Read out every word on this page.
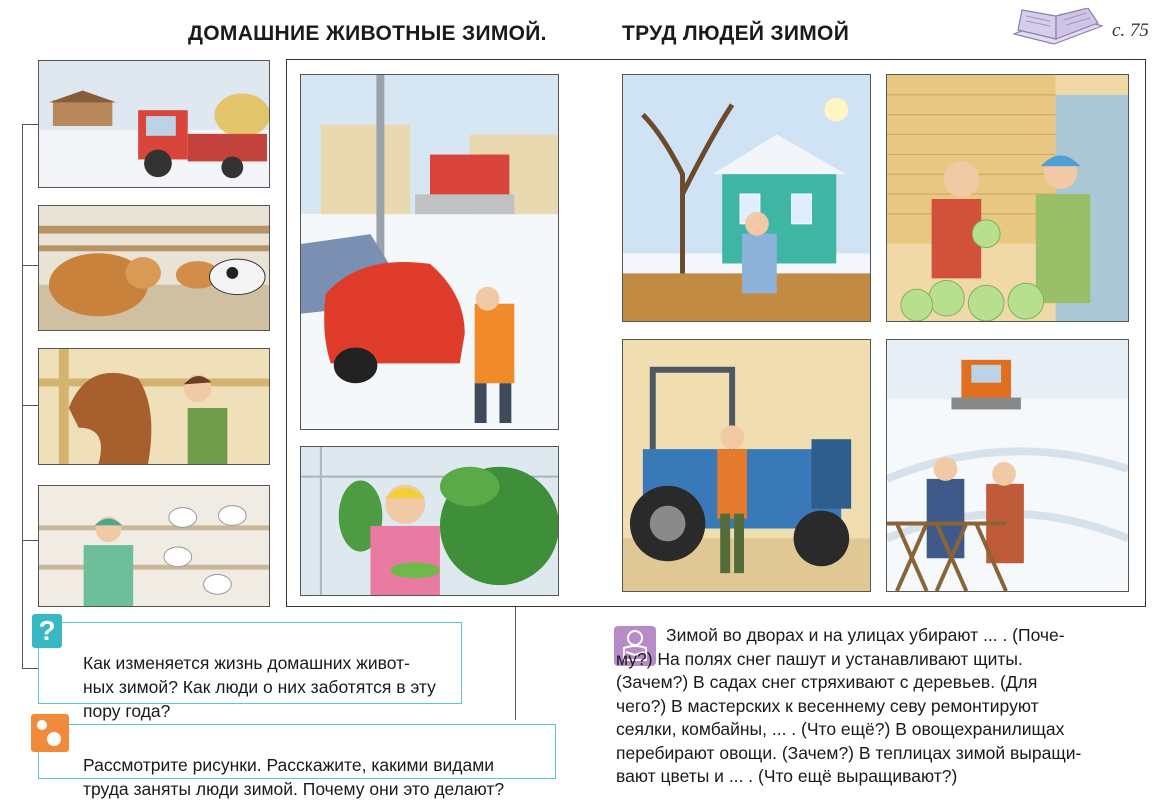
ДОМАШНИЕ ЖИВОТНЫЕ ЗИМОЙ.	ТРУД ЛЮДЕЙ ЗИМОЙ	с. 75

Как изменяется жизнь домашних живот-
ных зимой? Как люди о них заботятся в эту
пору года?

?

Рассмотрите рисунки. Расскажите, какими видами
труда заняты люди зимой. Почему они это делают?

Зимой во дворах и на улицах убирают ... . (Поче-
му?) На полях снег пашут и устанавливают щиты.
(Зачем?) В садах снег стряхивают с деревьев. (Для
чего?) В мастерских к весеннему севу ремонтируют
сеялки, комбайны, ... . (Что ещё?) В овощехранилищах
перебирают овощи. (Зачем?) В теплицах зимой выращи-
вают цветы и ... . (Что ещё выращивают?)
